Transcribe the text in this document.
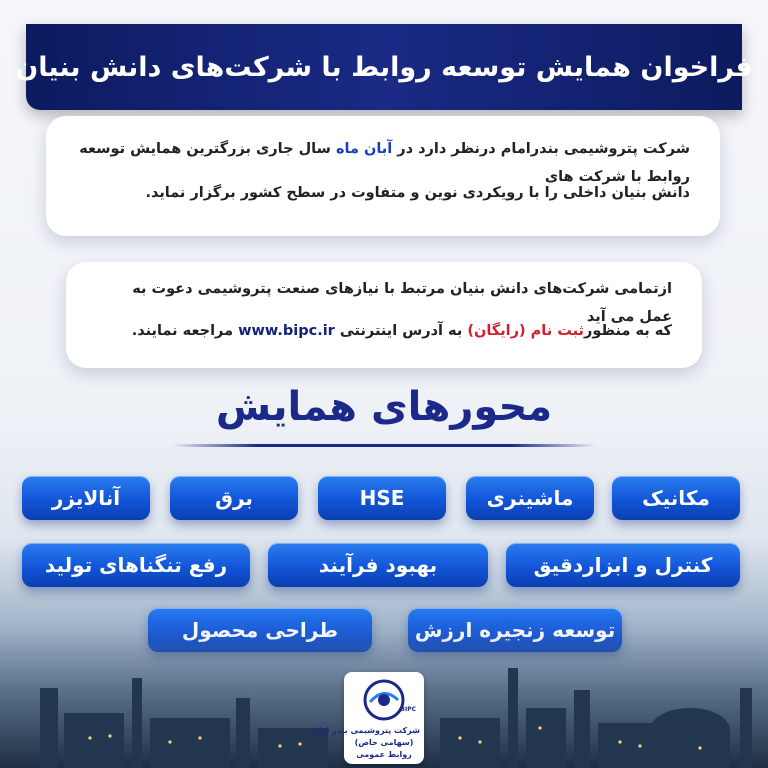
فراخوان همایش توسعه روابط با شرکت‌های دانش بنیان

شرکت پتروشیمی بندرامام درنظر دارد در آبان ماه سال جاری بزرگترین همایش توسعه روابط با شرکت های

دانش بنیان داخلی را با رویکردی نوین و متفاوت در سطح کشور برگزار نماید.

ازتمامی شرکت‌های دانش بنیان مرتبط با نیازهای صنعت پتروشیمی دعوت به عمل می آید

که به منظورثبت نام (رایگان) به آدرس اینترنتی www.bipc.ir مراجعه نمایند.

محورهای همایش
مکانیک
ماشینری
HSE
برق
آنالایزر
کنترل و ابزاردقیق
بهبود فرآیند
رفع تنگناهای تولید
BIPC
شرکت پتروشیمی بندر امام
(سهامی خاص)
روابط عمومی
